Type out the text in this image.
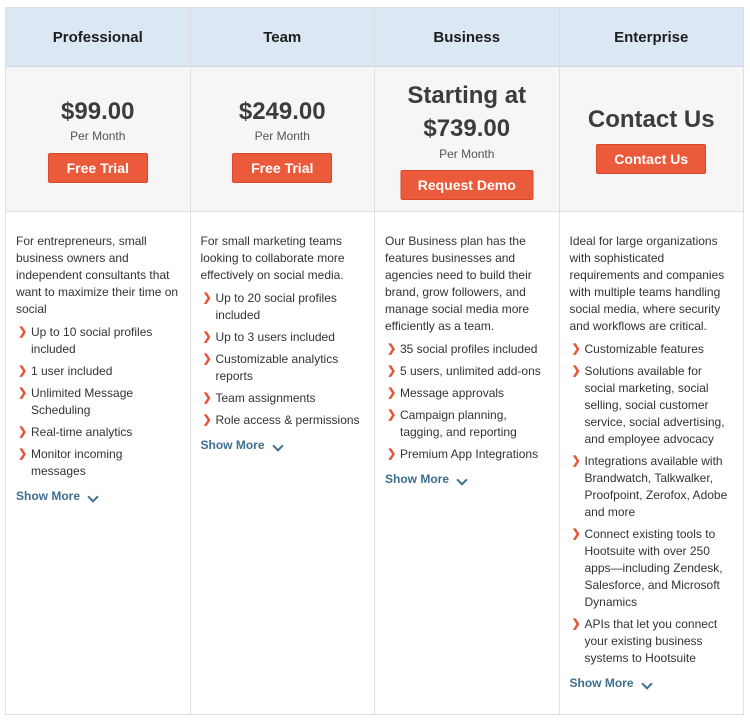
Professional
$99.00
Per Month
Free Trial

For entrepreneurs, small business owners and independent consultants that want to maximize their time on social

❯ Up to 10 social profiles included
❯ 1 user included
❯ Unlimited Message Scheduling
❯ Real-time analytics
❯ Monitor incoming messages
Show More
Team
$249.00
Per Month
Free Trial

For small marketing teams looking to collaborate more effectively on social media.

❯ Up to 20 social profiles included
❯ Up to 3 users included
❯ Customizable analytics reports
❯ Team assignments
❯ Role access & permissions
Show More
Business
Starting at
$739.00
Per Month
Request Demo

Our Business plan has the features businesses and agencies need to build their brand, grow followers, and manage social media more efficiently as a team.

❯ 35 social profiles included
❯ 5 users, unlimited add-ons
❯ Message approvals
❯ Campaign planning, tagging, and reporting
❯ Premium App Integrations
Show More
Enterprise
Contact Us
Contact Us

Ideal for large organizations with sophisticated requirements and companies with multiple teams handling social media, where security and workflows are critical.

❯ Customizable features
❯ Solutions available for social marketing, social selling, social customer service, social advertising, and employee advocacy
❯ Integrations available with Brandwatch, Talkwalker, Proofpoint, Zerofox, Adobe and more
❯ Connect existing tools to Hootsuite with over 250 apps—including Zendesk, Salesforce, and Microsoft Dynamics
❯ APIs that let you connect your existing business systems to Hootsuite
Show More
